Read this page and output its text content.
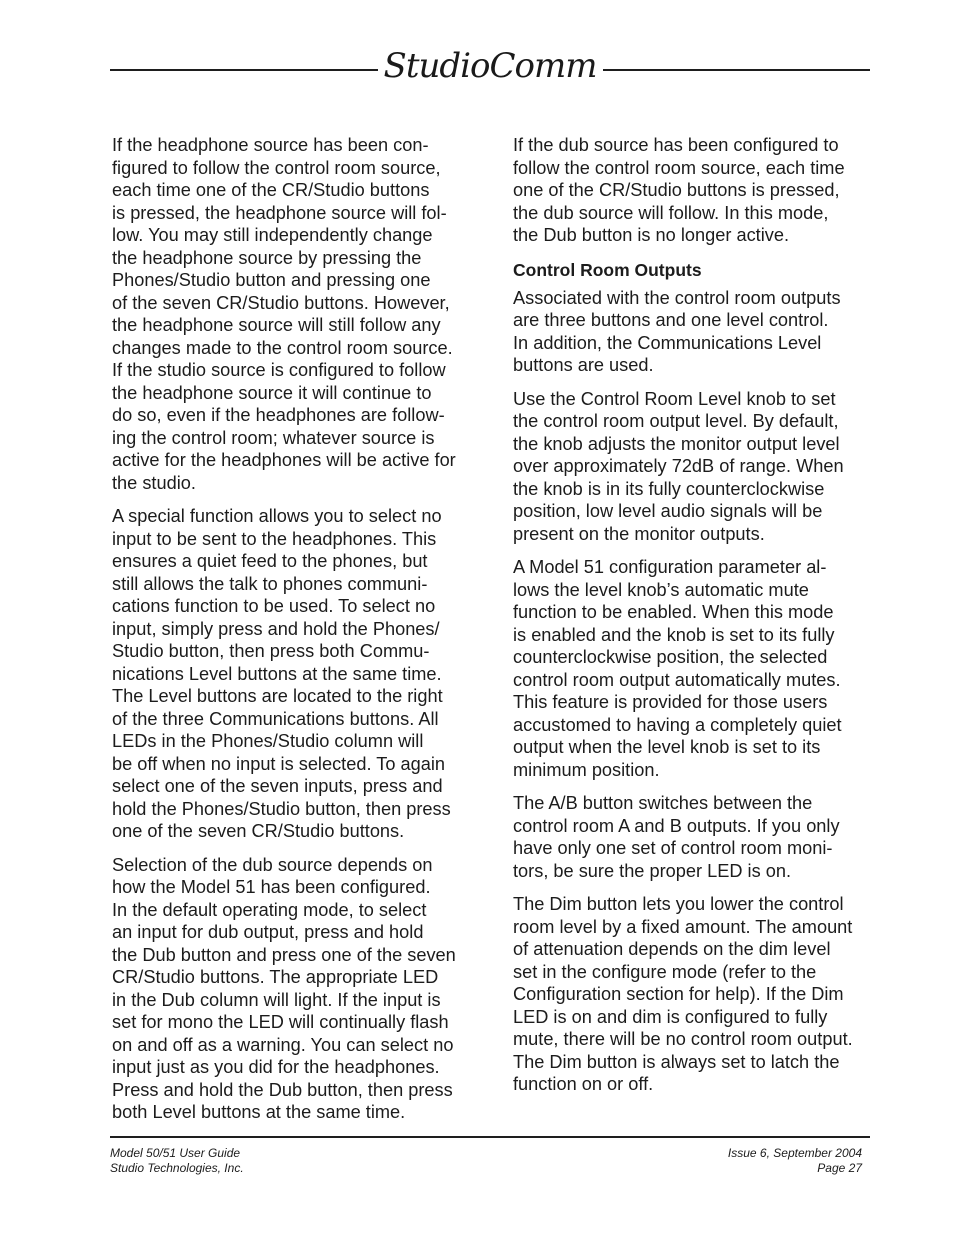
StudioComm

If the headphone source has been con-
figured to follow the control room source,
each time one of the CR/Studio buttons
is pressed, the headphone source will fol-
low. You may still independently change
the headphone source by pressing the
Phones/Studio button and pressing one
of the seven CR/Studio buttons. However,
the headphone source will still follow any
changes made to the control room source.
If the studio source is configured to follow
the headphone source it will continue to
do so, even if the headphones are follow-
ing the control room; whatever source is
active for the headphones will be active for
the studio.

A special function allows you to select no
input to be sent to the headphones. This
ensures a quiet feed to the phones, but
still allows the talk to phones communi-
cations function to be used. To select no
input, simply press and hold the Phones/
Studio button, then press both Commu-
nications Level buttons at the same time.
The Level buttons are located to the right
of the three Communications buttons. All
LEDs in the Phones/Studio column will
be off when no input is selected. To again
select one of the seven inputs, press and
hold the Phones/Studio button, then press
one of the seven CR/Studio buttons.

Selection of the dub source depends on
how the Model 51 has been configured.
In the default operating mode, to select
an input for dub output, press and hold
the Dub button and press one of the seven
CR/Studio buttons. The appropriate LED
in the Dub column will light. If the input is
set for mono the LED will continually flash
on and off as a warning. You can select no
input just as you did for the headphones.
Press and hold the Dub button, then press
both Level buttons at the same time.

If the dub source has been configured to
follow the control room source, each time
one of the CR/Studio buttons is pressed,
the dub source will follow. In this mode,
the Dub button is no longer active.

Control Room Outputs

Associated with the control room outputs
are three buttons and one level control.
In addition, the Communications Level
buttons are used.

Use the Control Room Level knob to set
the control room output level. By default,
the knob adjusts the monitor output level
over approximately 72dB of range. When
the knob is in its fully counterclockwise
position, low level audio signals will be
present on the monitor outputs.

A Model 51 configuration parameter al-
lows the level knob’s automatic mute
function to be enabled. When this mode
is enabled and the knob is set to its fully
counterclockwise position, the selected
control room output automatically mutes.
This feature is provided for those users
accustomed to having a completely quiet
output when the level knob is set to its
minimum position.

The A/B button switches between the
control room A and B outputs. If you only
have only one set of control room moni-
tors, be sure the proper LED is on.

The Dim button lets you lower the control
room level by a fixed amount. The amount
of attenuation depends on the dim level
set in the configure mode (refer to the
Configuration section for help). If the Dim
LED is on and dim is configured to fully
mute, there will be no control room output.
The Dim button is always set to latch the
function on or off.

Model 50/51 User Guide
Studio Technologies, Inc.
Issue 6, September 2004
Page 27
